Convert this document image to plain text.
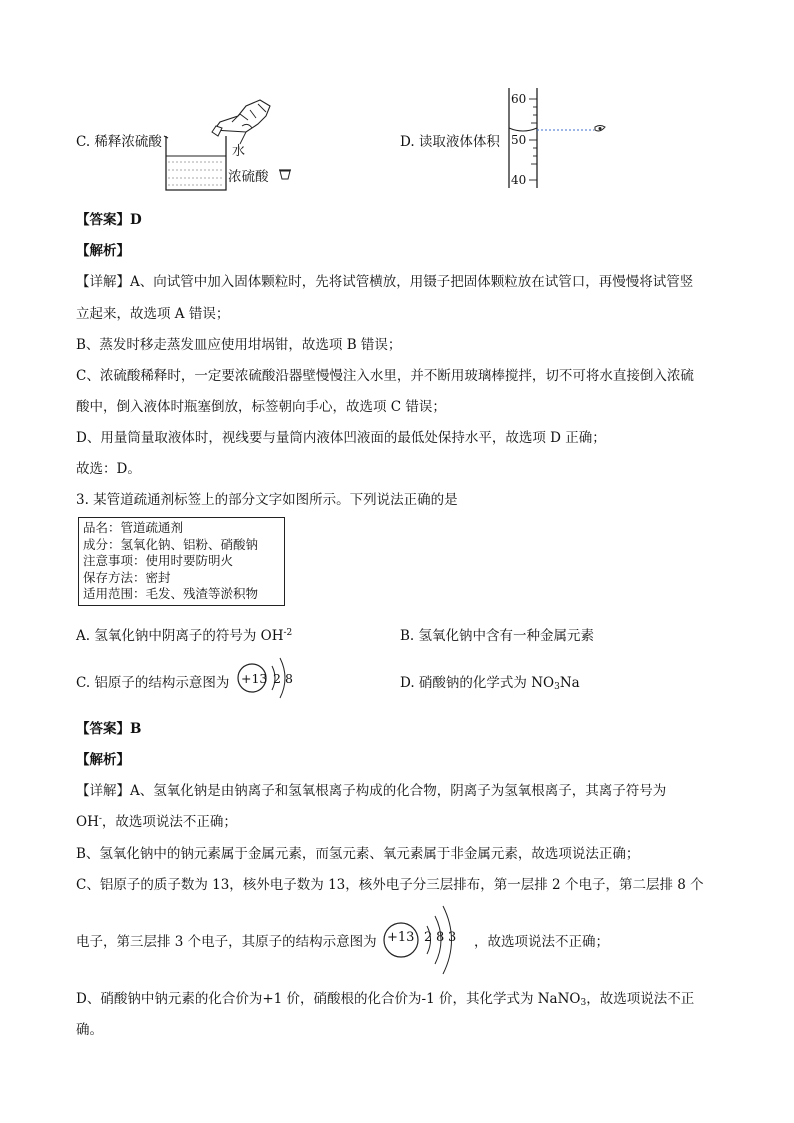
C. 稀释浓硫酸
水
浓硫酸
D. 读取液体体积
60
50
40
【答案】D
【解析】
【详解】A、向试管中加入固体颗粒时，先将试管横放，用镊子把固体颗粒放在试管口，再慢慢将试管竖
立起来，故选项 A 错误；
B、蒸发时移走蒸发皿应使用坩埚钳，故选项 B 错误；
C、浓硫酸稀释时，一定要浓硫酸沿器壁慢慢注入水里，并不断用玻璃棒搅拌，切不可将水直接倒入浓硫
酸中，倒入液体时瓶塞倒放，标签朝向手心，故选项 C 错误；
D、用量筒量取液体时，视线要与量筒内液体凹液面的最低处保持水平，故选项 D 正确；
故选：D。
3. 某管道疏通剂标签上的部分文字如图所示。下列说法正确的是
品名：管道疏通剂
成分：氢氧化钠、铝粉、硝酸钠
注意事项：使用时要防明火
保存方法：密封
适用范围：毛发、残渣等淤积物
A. 氢氧化钠中阴离子的符号为 $OH^{-2}$	B. 氢氧化钠中含有一种金属元素
C. 铝原子的结构示意图为 +13 2 8	D. 硝酸钠的化学式为 $NO_3Na$
【答案】B
【解析】
【详解】A、氢氧化钠是由钠离子和氢氧根离子构成的化合物，阴离子为氢氧根离子，其离子符号为
OH-，故选项说法不正确；
B、氢氧化钠中的钠元素属于金属元素，而氢元素、氧元素属于非金属元素，故选项说法正确；
C、铝原子的质子数为 13，核外电子数为 13，核外电子分三层排布，第一层排 2 个电子，第二层排 8 个
电子，第三层排 3 个电子，其原子的结构示意图为 +13 2 8 3 ，故选项说法不正确；
D、硝酸钠中钠元素的化合价为+1 价，硝酸根的化合价为-1 价，其化学式为 NaNO$_3$，故选项说法不正
确。
